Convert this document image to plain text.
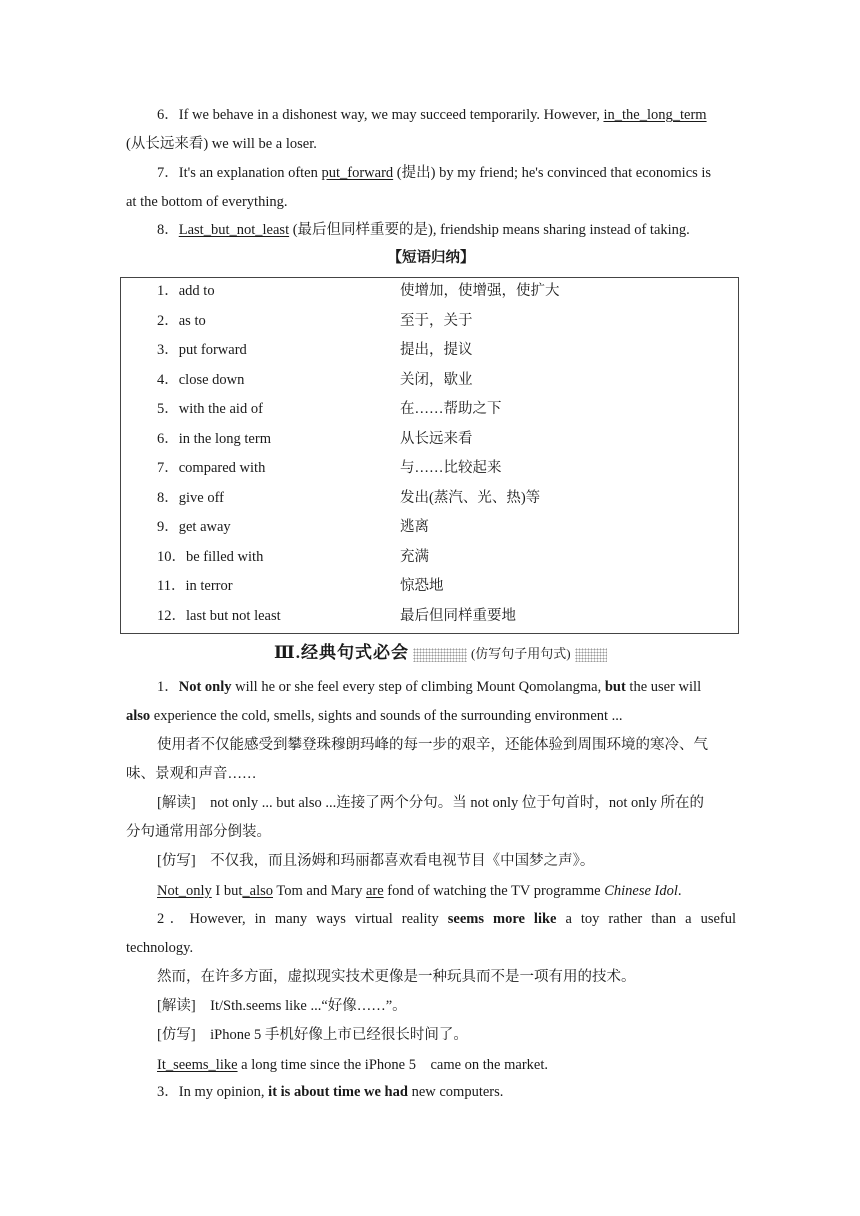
6．If we behave in a dishonest way, we may succeed temporarily. However, in_the_long_term
(从长远来看) we will be a loser.
7．It's an explanation often put_forward (提出) by my friend; he's convinced that economics is
at the bottom of everything.
8．Last_but_not_least (最后但同样重要的是), friendship means sharing instead of taking.
【短语归纳】
1．add to	使增加，使增强，使扩大
2．as to	至于，关于
3．put forward	提出，提议
4．close down	关闭，歇业
5．with the aid of	在……帮助之下
6．in the long term	从长远来看
7．compared with	与……比较起来
8．give off	发出(蒸汽、光、热)等
9．get away	逃离
10．be filled with	充满
11．in terror	惊恐地
12．last but not least	最后但同样重要地
Ⅲ.经典句式必会	(仿写句子用句式)
1．Not only will he or she feel every step of climbing Mount Qomolangma, but the user will
also experience the cold, smells, sights and sounds of the surrounding environment ...
使用者不仅能感受到攀登珠穆朗玛峰的每一步的艰辛，还能体验到周围环境的寒冷、气
味、景观和声音……
[解读]　not only ... but also ...连接了两个分句。当 not only 位于句首时，not only 所在的
分句通常用部分倒装。
[仿写]　不仅我，而且汤姆和玛丽都喜欢看电视节目《中国梦之声》。
Not_only I but_also Tom and Mary are fond of watching the TV programme Chinese Idol.
2．However, in many ways virtual reality seems more like a toy rather than a useful
technology.
然而，在许多方面，虚拟现实技术更像是一种玩具而不是一项有用的技术。
[解读]　It/Sth.seems like ...“好像……”。
[仿写]　iPhone 5 手机好像上市已经很长时间了。
It_seems_like a long time since the iPhone 5　came on the market.
3．In my opinion, it is about time we had new computers.
